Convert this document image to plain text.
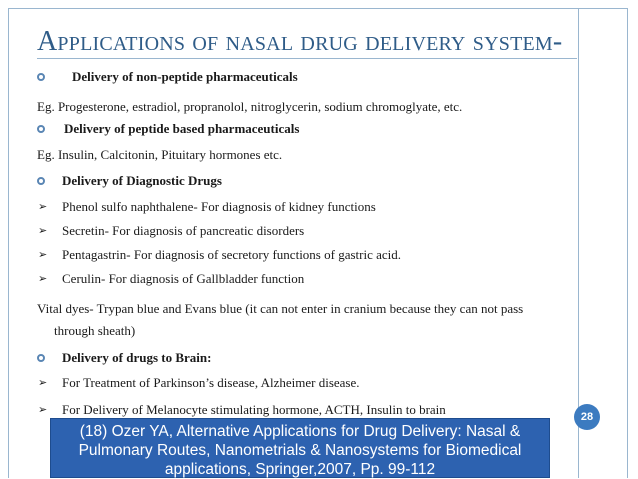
Applications of nasal drug delivery system-
Delivery of non-peptide pharmaceuticals
Eg. Progesterone, estradiol, propranolol, nitroglycerin, sodium chromoglyate, etc.
Delivery of peptide based pharmaceuticals
Eg. Insulin, Calcitonin, Pituitary hormones etc.
Delivery of Diagnostic Drugs
➢ Phenol sulfo naphthalene- For diagnosis of kidney functions
➢ Secretin- For diagnosis of pancreatic disorders
➢ Pentagastrin- For diagnosis of secretory functions of gastric acid.
➢ Cerulin- For diagnosis of Gallbladder function
Vital dyes- Trypan blue and Evans blue (it can not enter in cranium because they can not pass
through sheath)
Delivery of drugs to Brain:
➢ For Treatment of Parkinson’s disease, Alzheimer disease.
➢ For Delivery of Melanocyte stimulating hormone, ACTH, Insulin to brain	28
(18) Ozer YA, Alternative Applications for Drug Delivery: Nasal &
Pulmonary Routes, Nanometrials & Nanosystems for Biomedical
applications, Springer,2007, Pp. 99-112
